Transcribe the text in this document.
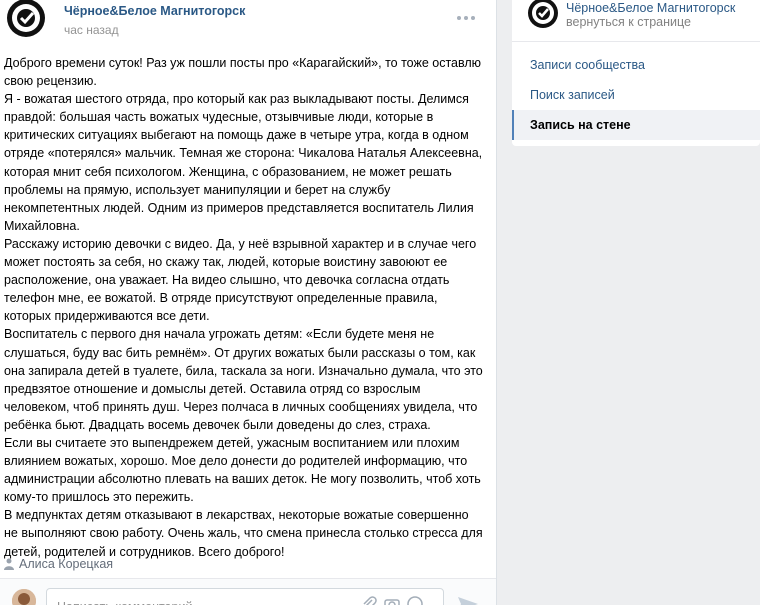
Чёрное&Белое Магнитогорск
час назад

Доброго времени суток! Раз уж пошли посты про «Карагайский», то тоже оставлю свою рецензию.

Я - вожатая шестого отряда, про который как раз выкладывают посты. Делимся правдой: большая часть вожатых чудесные, отзывчивые люди, которые в критических ситуациях выбегают на помощь даже в четыре утра, когда в одном отряде «потерялся» мальчик. Темная же сторона: Чикалова Наталья Алексеевна, которая мнит себя психологом. Женщина, с образованием, не может решать проблемы на прямую, использует манипуляции и берет на службу некомпетентных людей. Одним из примеров представляется воспитатель Лилия Михайловна.

Расскажу историю девочки с видео. Да, у неё взрывной характер и в случае чего может постоять за себя, но скажу так, людей, которые воистину завоюют ее расположение, она уважает. На видео слышно, что девочка согласна отдать телефон мне, ее вожатой. В отряде присутствуют определенные правила, которых придерживаются все дети.

Воспитатель с первого дня начала угрожать детям: «Если будете меня не слушаться, буду вас бить ремнём». От других вожатых были рассказы о том, как она запирала детей в туалете, била, таскала за ноги. Изначально думала, что это предвзятое отношение и домыслы детей. Оставила отряд со взрослым человеком, чтоб принять душ. Через полчаса в личных сообщениях увидела, что ребёнка бьют. Двадцать восемь девочек были доведены до слез, страха.

Если вы считаете это выпендрежем детей, ужасным воспитанием или плохим влиянием вожатых, хорошо. Мое дело донести до родителей информацию, что администрации абсолютно плевать на ваших деток. Не могу позволить, чтоб хоть кому-то пришлось это пережить.

В медпунктах детям отказывают в лекарствах, некоторые вожатые совершенно не выполняют свою работу. Очень жаль, что смена принесла столько стресса для детей, родителей и сотрудников. Всего доброго!

Алиса Корецкая
Написать комментарий...
Чёрное&Белое Магнитогорск
вернуться к странице
Записи сообщества
Поиск записей
Запись на стене
